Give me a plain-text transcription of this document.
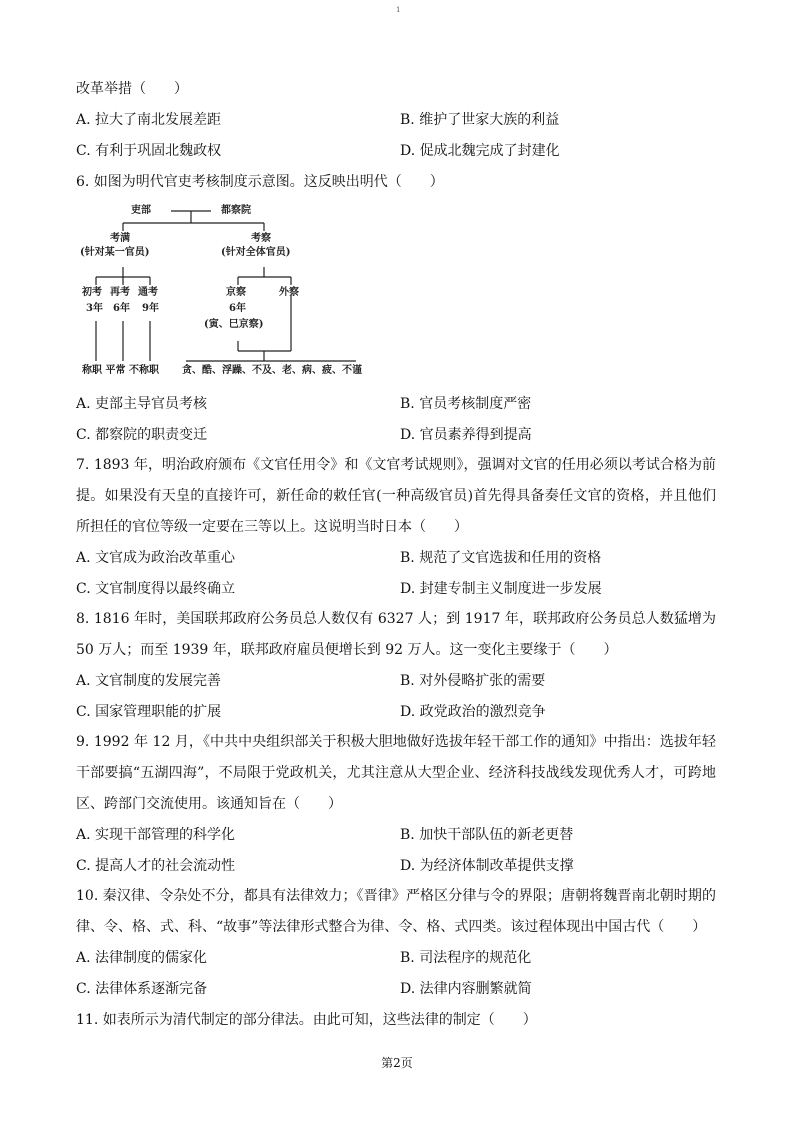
1
改革举措（　　）
A. 拉大了南北发展差距	B. 维护了世家大族的利益
C. 有利于巩固北魏政权	D. 促成北魏完成了封建化
6. 如图为明代官吏考核制度示意图。这反映出明代（　　）
吏部	都察院
考满
(针对某一官员)
考察
(针对全体官员)
初考
3年
再考
6年
通考
9年
京察
6年
(寅、巳京察)
外察
称职 平常 不称职 贪、酷、浮躁、不及、老、病、疲、不谨
A. 吏部主导官员考核	B. 官员考核制度严密
C. 都察院的职责变迁	D. 官员素养得到提高

7. 1893 年，明治政府颁布《文官任用令》和《文官考试规则》，强调对文官的任用必须以考试合格为前提。如果没有天皇的直接许可，新任命的敕任官(一种高级官员)首先得具备奏任文官的资格，并且他们所担任的官位等级一定要在三等以上。这说明当时日本（　　）

A. 文官成为政治改革重心	B. 规范了文官选拔和任用的资格
C. 文官制度得以最终确立	D. 封建专制主义制度进一步发展

8. 1816 年时，美国联邦政府公务员总人数仅有 6327 人；到 1917 年，联邦政府公务员总人数猛增为 50 万人；而至 1939 年，联邦政府雇员便增长到 92 万人。这一变化主要缘于（　　）

A. 文官制度的发展完善	B. 对外侵略扩张的需要
C. 国家管理职能的扩展	D. 政党政治的激烈竞争

9. 1992 年 12 月，《中共中央组织部关于积极大胆地做好选拔年轻干部工作的通知》中指出：选拔年轻干部要搞“五湖四海”，不局限于党政机关，尤其注意从大型企业、经济科技战线发现优秀人才，可跨地区、跨部门交流使用。该通知旨在（　　）

A. 实现干部管理的科学化	B. 加快干部队伍的新老更替
C. 提高人才的社会流动性	D. 为经济体制改革提供支撑

10. 秦汉律、令杂处不分，都具有法律效力；《晋律》严格区分律与令的界限；唐朝将魏晋南北朝时期的律、令、格、式、科、“故事”等法律形式整合为律、令、格、式四类。该过程体现出中国古代（　　）

A. 法律制度的儒家化	B. 司法程序的规范化
C. 法律体系逐渐完备	D. 法律内容删繁就简
11. 如表所示为清代制定的部分律法。由此可知，这些法律的制定（　　）
第2页
